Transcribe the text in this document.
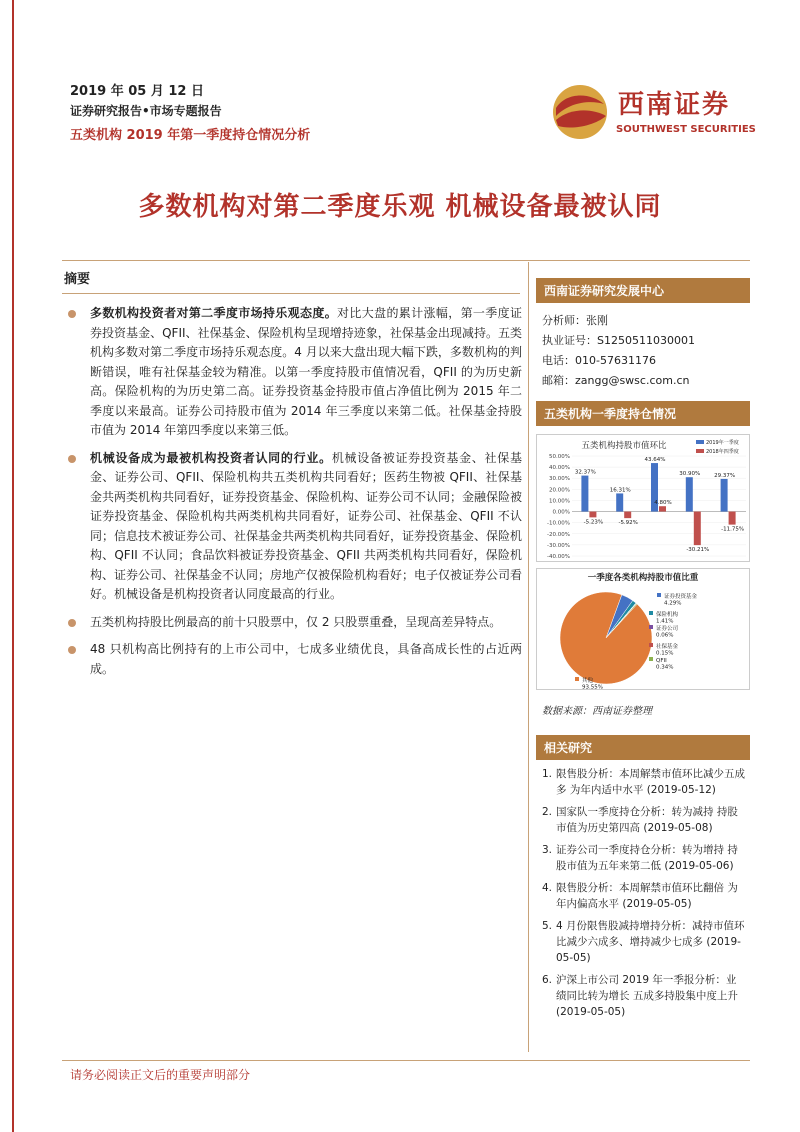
2019 年 05 月 12 日
证券研究报告•市场专题报告
五类机构 2019 年第一季度持仓情况分析
西南证券
SOUTHWEST SECURITIES
多数机构对第二季度乐观 机械设备最被认同
摘要
多数机构投资者对第二季度市场持乐观态度。对比大盘的累计涨幅，第一季度证券投资基金、QFII、社保基金、保险机构呈现增持迹象，社保基金出现减持。五类机构多数对第二季度市场持乐观态度。4 月以来大盘出现大幅下跌，多数机构的判断错误，唯有社保基金较为精准。以第一季度持股市值情况看，QFII 的为历史新高。保险机构的为历史第二高。证券投资基金持股市值占净值比例为 2015 年二季度以来最高。证券公司持股市值为 2014 年三季度以来第二低。社保基金持股市值为 2014 年第四季度以来第三低。
机械设备成为最被机构投资者认同的行业。机械设备被证券投资基金、社保基金、证券公司、QFII、保险机构共五类机构共同看好；医药生物被 QFII、社保基金共两类机构共同看好，证券投资基金、保险机构、证券公司不认同；金融保险被证券投资基金、保险机构共两类机构共同看好，证券公司、社保基金、QFII 不认同；信息技术被证券公司、社保基金共两类机构共同看好，证券投资基金、保险机构、QFII 不认同；食品饮料被证券投资基金、QFII 共两类机构共同看好，保险机构、证券公司、社保基金不认同；房地产仅被保险机构看好；电子仅被证券公司看好。机械设备是机构投资者认同度最高的行业。
五类机构持股比例最高的前十只股票中，仅 2 只股票重叠，呈现高差异特点。
48 只机构高比例持有的上市公司中，七成多业绩优良，具备高成长性的占近两成。
西南证券研究发展中心
分析师：张刚
执业证号：S1250511030001
电话：010-57631176
邮箱：zangg@swsc.com.cn
五类机构一季度持仓情况
五类机构持股市值环比	2019年一季度
2018年四季度
50.00%
40.00%
30.00%
20.00%
10.00%
0.00%
-10.00%
-20.00%
-30.00%
-40.00%
32.37%
16.31%
43.64%
30.90%	29.37%
-5.23%	-5.92%
4.80%
-30.21%
-11.75%
一季度各类机构持股市值比重
证券投资基金
4.29%
保险机构
1.41%
证券公司
0.06%
社保基金
0.15%
QFII
0.34%
其他
93.55%
数据来源：西南证券整理
相关研究
1. 限售股分析：本周解禁市值环比减少五成多 为年内适中水平 (2019-05-12)
2. 国家队一季度持仓分析：转为减持 持股市值为历史第四高 (2019-05-08)
3. 证券公司一季度持仓分析：转为增持 持股市值为五年来第二低 (2019-05-06)
4. 限售股分析：本周解禁市值环比翻倍 为年内偏高水平 (2019-05-05)
5. 4 月份限售股减持增持分析：减持市值环比减少六成多、增持减少七成多 (2019-05-05)
6. 沪深上市公司 2019 年一季报分析：业绩同比转为增长 五成多持股集中度上升 (2019-05-05)
请务必阅读正文后的重要声明部分
